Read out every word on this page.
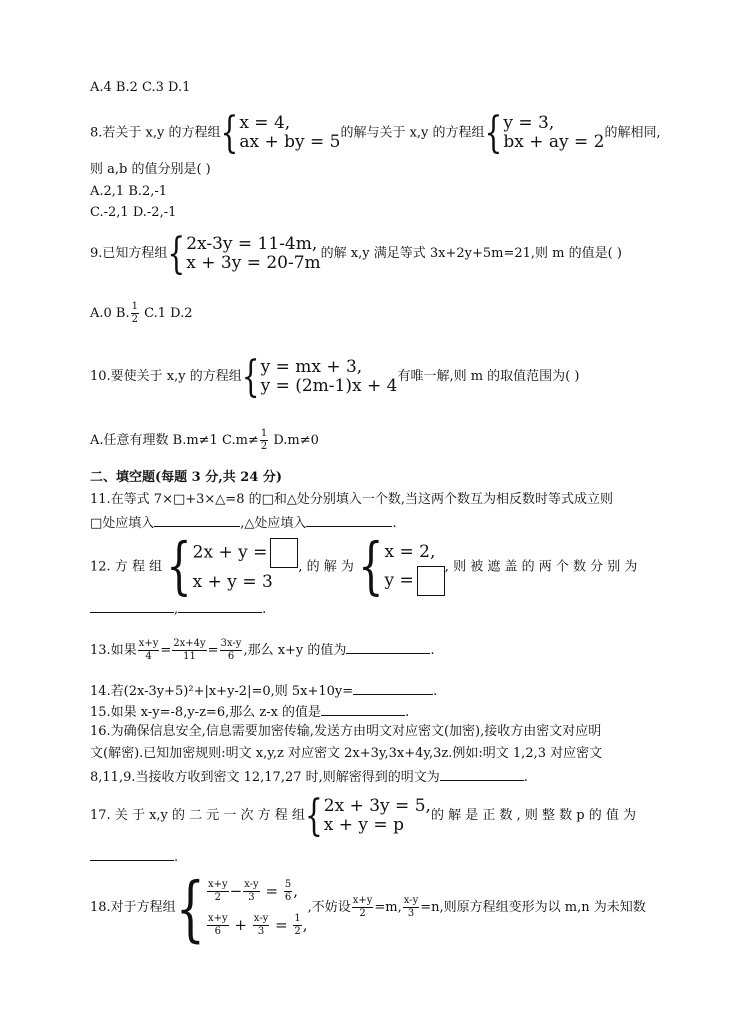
A.4 B.2 C.3 D.1
8.若关于 x,y 的方程组 { x = 4,
ax + by = 5 的解与关于 x,y 的方程组 { y = 3,
bx + ay = 2 的解相同,
则 a,b 的值分别是( )
A.2,1 B.2,-1
C.-2,1 D.-2,-1
9.已知方程组 { 2x-3y = 11-4m,
x + 3y = 20-7m 的解 x,y 满足等式 3x+2y+5m=21,则 m 的值是( )
A.0 B. $\frac{1}{2} C.1$ D.2
10.要使关于 x,y 的方程组 { y = mx + 3,
y = (2m-1)x + 4 有唯一解,则 m 的取值范围为( )
A.任意有理数 B.m≠1 $C.m\ne \frac{1}{2} D.m\ne 0$
二、填空题(每题 3 分,共 24 分)
11.在等式 7×□+3×△=8 的□和△处分别填入一个数,当这两个数互为相反数时等式成立则
□处应填入	,△处应填入	.
12. 方 程 组 { 2x + y =
x + y = 3
, 的 解 为 { x = 2,
y =
, 则 被 遮 盖 的 两 个 数 分 别 为
,	.
13.如果 $\frac{x+y}{4} = \frac{2x+4y}{11} = \frac{3x-y}{6}$ ,那么 x+y 的值为	.
14.若(2x-3y+5)²+|x+y-2|=0,则 5x+10y=	.
15.如果 x-y=-8,y-z=6,那么 z-x 的值是	.
16.为确保信息安全,信息需要加密传输,发送方由明文对应密文(加密),接收方由密文对应明
文(解密).已知加密规则:明文 x,y,z 对应密文 2x+3y,3x+4y,3z.例如:明文 1,2,3 对应密文
8,11,9.当接收方收到密文 12,17,27 时,则解密得到的明文为	.
17. 关 于 x,y 的 二 元 一 次 方 程 组 { 2x + 3y = 5,
x + y = p	的 解 是 正 数 , 则 整 数 p 的 值 为
.
18.对于方程组 { $\frac{x+y}{2} - \frac{x-y}{3} = \frac{5}{6}$ ,
$\frac{x+y}{6} + \frac{x-y}{3} = \frac{1}{2}$ ,
,不妨设 $\frac{x+y}{2} =m$, $\frac{x-y}{3} =n$,则原方程组变形为以 m,n 为未知数
